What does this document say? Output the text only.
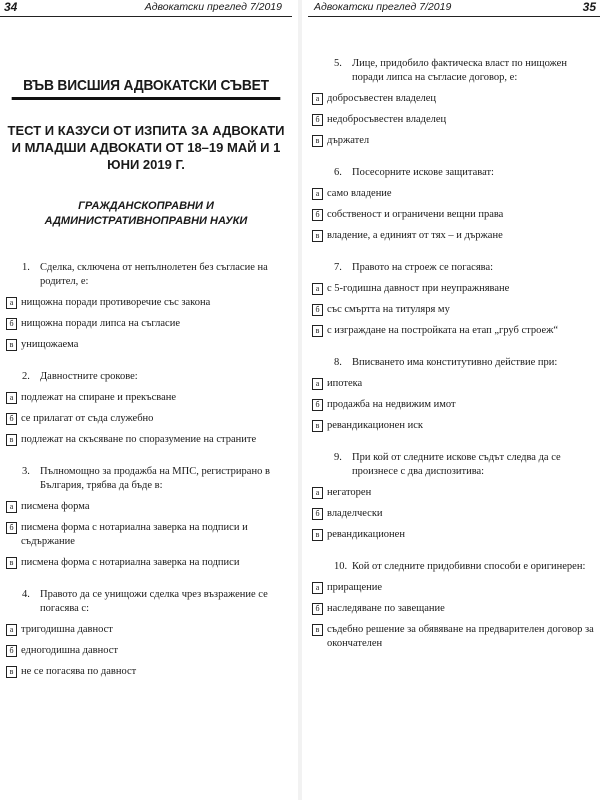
34	Адвокатски преглед 7/2019
ВЪВ ВИСШИЯ АДВОКАТСКИ СЪВЕТ
ТЕСТ И КАЗУСИ ОТ ИЗПИТА ЗА АДВОКАТИ И МЛАДШИ АДВОКАТИ ОТ 18–19 МАЙ И 1 ЮНИ 2019 Г.
ГРАЖДАНСКОПРАВНИ И АДМИНИСТРАТИВНОПРАВНИ НАУКИ
1. Сделка, сключена от непълнолетен без съгласие на родител, е:
а нищожна поради противоречие със закона
б нищожна поради липса на съгласие
в унищожаема
2. Давностните срокове:
а подлежат на спиране и прекъсване
б се прилагат от съда служебно
в подлежат на скъсяване по споразумение на страните
3. Пълномощно за продажба на МПС, регистрирано в България, трябва да бъде в:
а писмена форма
б писмена форма с нотариална заверка на подписи и съдържание
в писмена форма с нотариална заверка на подписи
4. Правото да се унищожи сделка чрез възражение се погасява с:
а тригодишна давност
б едногодишна давност
в не се погасява по давност
Адвокатски преглед 7/2019	35
5. Лице, придобило фактическа власт по нищожен поради липса на съгласие договор, е:
а добросъвестен владелец
б недобросъвестен владелец
в държател
6. Посесорните искове защитават:
а само владение
б собственост и ограничени вещни права
в владение, а единият от тях – и държане
7. Правото на строеж се погасява:
а с 5-годишна давност при неупражняване
б със смъртта на титуляря му
в с изграждане на постройката на етап „груб строеж“
8. Вписването има конститутивно действие при:
а ипотека
б продажба на недвижим имот
в ревандикационен иск
9. При кой от следните искове съдът следва да се произнесе с два диспозитива:
а негаторен
б владелчески
в ревандикационен
10. Кой от следните придобивни способи е оригинерен:
а приращение
б наследяване по завещание
в съдебно решение за обявяване на предварителен договор за окончателен
